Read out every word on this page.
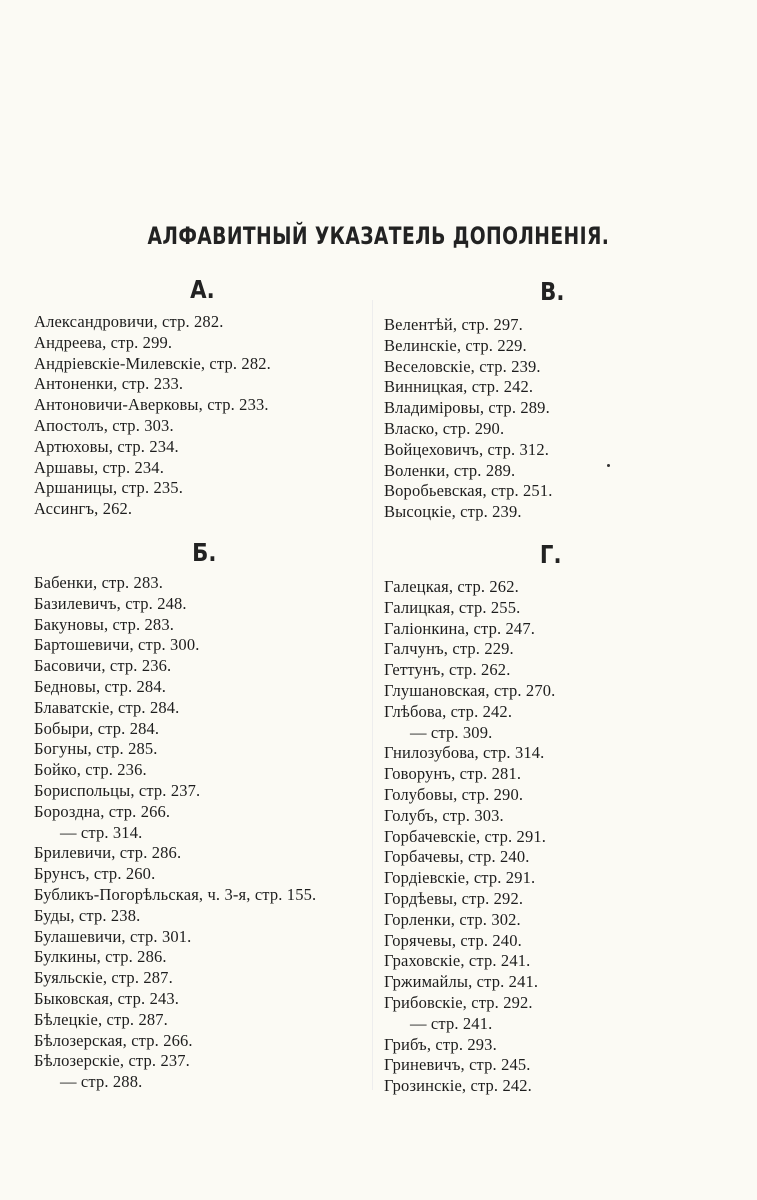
АЛФАВИТНЫЙ УКАЗАТЕЛЬ ДОПОЛНЕНІЯ.
А.
Александровичи, стр. 282.
Андреева, стр. 299.
Андріевскіе-Милевскіе, стр. 282.
Антоненки, стр. 233.
Антоновичи-Аверковы, стр. 233.
Апостолъ, стр. 303.
Артюховы, стр. 234.
Аршавы, стр. 234.
Аршаницы, стр. 235.
Ассингъ, 262.
Б.
Бабенки, стр. 283.
Базилевичъ, стр. 248.
Бакуновы, стр. 283.
Бартошевичи, стр. 300.
Басовичи, стр. 236.
Бедновы, стр. 284.
Блаватскіе, стр. 284.
Бобыри, стр. 284.
Богуны, стр. 285.
Бойко, стр. 236.
Бориспольцы, стр. 237.
Бороздна, стр. 266.
— стр. 314.
Брилевичи, стр. 286.
Брунсъ, стр. 260.
Бубликъ-Погорѣльская, ч. 3-я, стр. 155.
Буды, стр. 238.
Булашевичи, стр. 301.
Булкины, стр. 286.
Буяльскіе, стр. 287.
Быковская, стр. 243.
Бѣлецкіе, стр. 287.
Бѣлозерская, стр. 266.
Бѣлозерскіе, стр. 237.
— стр. 288.
В.
Велентѣй, стр. 297.
Велинскіе, стр. 229.
Веселовскіе, стр. 239.
Винницкая, стр. 242.
Владиміровы, стр. 289.
Власко, стр. 290.
Войцеховичъ, стр. 312.
Воленки, стр. 289.
Воробьевская, стр. 251.
Высоцкіе, стр. 239.
Г.
Галецкая, стр. 262.
Галицкая, стр. 255.
Галіонкина, стр. 247.
Галчунъ, стр. 229.
Геттунъ, стр. 262.
Глушановская, стр. 270.
Глѣбова, стр. 242.
— стр. 309.
Гнилозубова, стр. 314.
Говорунъ, стр. 281.
Голубовы, стр. 290.
Голубъ, стр. 303.
Горбачевскіе, стр. 291.
Горбачевы, стр. 240.
Гордіевскіе, стр. 291.
Гордѣевы, стр. 292.
Горленки, стр. 302.
Горячевы, стр. 240.
Граховскіе, стр. 241.
Гржимайлы, стр. 241.
Грибовскіе, стр. 292.
— стр. 241.
Грибъ, стр. 293.
Гриневичъ, стр. 245.
Грозинскіе, стр. 242.
